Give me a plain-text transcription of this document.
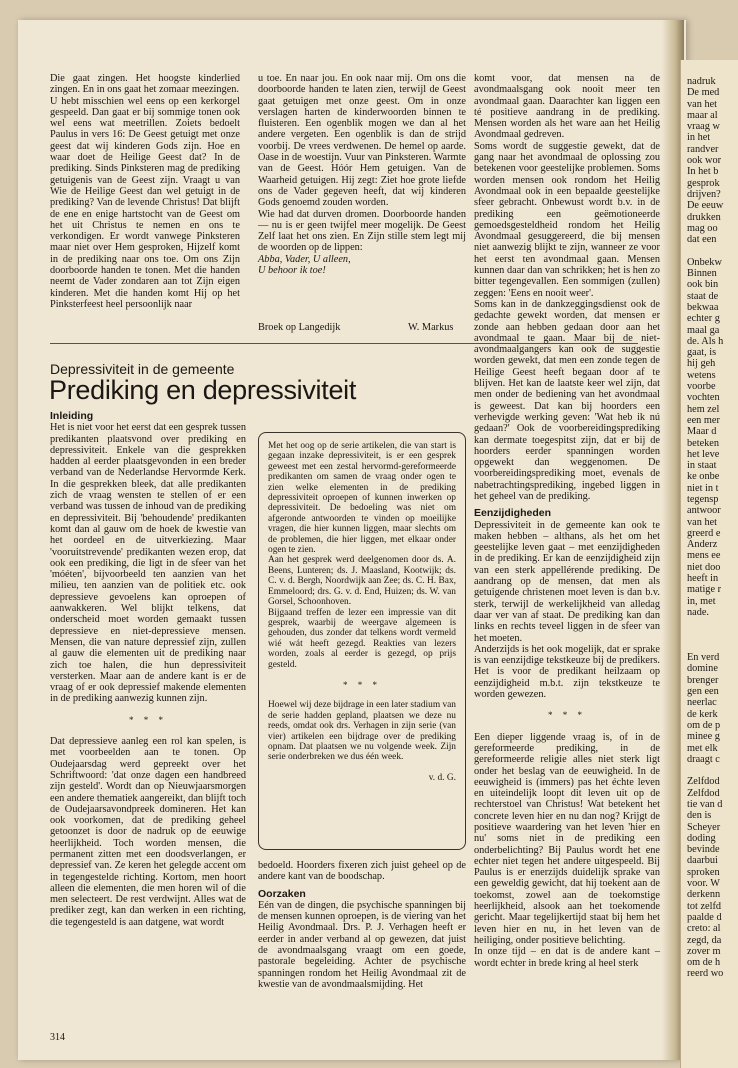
nadruk

De med

van het

maar al

vraag w

in het

randver

ook wor

In het b

gesprok

drijven?

De eeuw

drukken

mag oo

dat een

Onbekw

Binnen

ook bin

staat de

bekwaa

echter g

maal ga

de. Als h

gaat, is

hij geh

wetens

voorbe

vochten

hem zel

een mer

Maar d

beteken

het leve

in staat

ke onbe

niet in t

tegensp

antwoor

van het

greerd e

Anderz

mens ee

niet doo

heeft in

matige r

in, met

nade.

En verd

domine

brenger

gen een

neerlac

de kerk

om de p

minee g

met elk

draagt c

Zelfdod

Zelfdod

tie van d

den is

Scheyer

doding

bevinde

daarbui

sproken

voor. W

derkenn

tot zelfd

paalde d

creto: al

zegd, da

zover m

om de h

reerd wo

Die gaat zingen. Het hoogste kinderlied zingen. En in ons gaat het zomaar meezingen.

U hebt misschien wel eens op een kerkorgel gespeeld. Dan gaat er bij sommige tonen ook wel eens wat meetrillen. Zoiets bedoelt Paulus in vers 16: De Geest getuigt met onze geest dat wij kinderen Gods zijn. Hoe en waar doet de Heilige Geest dat? In de prediking. Sinds Pinksteren mag de prediking getuigenis van de Geest zijn. Vraagt u van Wie de Heilige Geest dan wel getuigt in de prediking? Van de levende Christus! Dat blijft de ene en enige hartstocht van de Geest om het uit Christus te nemen en ons te verkondigen. Er wordt vanwege Pinksteren maar niet over Hem gesproken, Hijzelf komt in de prediking naar ons toe. Om ons Zijn doorboorde handen te tonen. Met die handen neemt de Vader zondaren aan tot Zijn eigen kinderen. Met die handen komt Hij op het Pinksterfeest heel persoonlijk naar

u toe. En naar jou. En ook naar mij. Om ons die doorboorde handen te laten zien, terwijl de Geest gaat getuigen met onze geest. Om in onze verslagen harten de kinderwoorden binnen te fluisteren. Een ogenblik mogen we dan al het andere vergeten. Een ogenblik is dan de strijd voorbij. De vrees verdwenen. De hemel op aarde. Oase in de woestijn. Vuur van Pinksteren. Warmte van de Geest. Hóór Hem getuigen. Van de Waarheid getuigen. Hij zegt: Ziet hoe grote liefde ons de Vader gegeven heeft, dat wij kinderen Gods genoemd zouden worden.

Wie had dat durven dromen. Doorboorde handen — nu is er geen twijfel meer mogelijk. De Geest Zelf laat het ons zien. En Zijn stille stem legt mij de woorden op de lippen:

Abba, Vader, U alleen,

U behoor ik toe!

Broek op Langedijk	W. Markus
Depressiviteit in de gemeente
Prediking en depressiviteit
Inleiding

Het is niet voor het eerst dat een gesprek tussen predikanten plaatsvond over prediking en depressiviteit. Enkele van die gesprekken hadden al eerder plaatsgevonden in een breder verband van de Nederlandse Hervormde Kerk. In die gesprekken bleek, dat alle predikanten zich de vraag wensten te stellen of er een verband was tussen de inhoud van de prediking en depressiviteit. Bij 'behoudende' predikanten komt dan al gauw om de hoek de kwestie van het oordeel en de uitverkiezing. Maar 'vooruitstrevende' predikanten wezen erop, dat ook een prediking, die ligt in de sfeer van het 'móéten', bijvoorbeeld ten aanzien van het milieu, ten aanzien van de politiek etc. ook depressieve gevoelens kan oproepen of aanwakkeren. Wel blijkt telkens, dat onderscheid moet worden gemaakt tussen depressieve en niet-depressieve mensen. Mensen, die van nature depressief zijn, zullen al gauw die elementen uit de prediking naar zich toe halen, die hun depressiviteit versterken. Maar aan de andere kant is er de vraag of er ook depressief makende elementen in de prediking aanwezig kunnen zijn.

* * *

Dat depressieve aanleg een rol kan spelen, is met voorbeelden aan te tonen. Op Oudejaarsdag werd gepreekt over het Schriftwoord: 'dat onze dagen een handbreed zijn gesteld'. Wordt dan op Nieuwjaarsmorgen een andere thematiek aangereikt, dan blijft toch de Oudejaarsavondpreek domineren. Het kan ook voorkomen, dat de prediking geheel getoonzet is door de nadruk op de eeuwige heerlijkheid. Toch worden mensen, die permanent zitten met een doodsverlangen, er depressief van. Ze keren het gelegde accent om in tegengestelde richting. Kortom, men hoort alleen die elementen, die men horen wil of die men selecteert. De rest verdwijnt. Alles wat de prediker zegt, kan dan werken in een richting, die tegengesteld is aan datgene, wat wordt

Met het oog op de serie artikelen, die van start is gegaan inzake depressiviteit, is er een gesprek geweest met een zestal hervormd-gereformeerde predikanten om samen de vraag onder ogen te zien welke elementen in de prediking depressiviteit oproepen of kunnen inwerken op depressiviteit. De bedoeling was niet om afgeronde antwoorden te vinden op moeilijke vragen, die hier kunnen liggen, maar slechts om de problemen, die hier liggen, met elkaar onder ogen te zien.

Aan het gesprek werd deelgenomen door ds. A. Beens, Lunteren; ds. J. Maasland, Kootwijk; ds. C. v. d. Bergh, Noordwijk aan Zee; ds. C. H. Bax, Emmeloord; drs. G. v. d. End, Huizen; ds. W. van Gorsel, Schoonhoven.

Bijgaand treffen de lezer een impressie van dit gesprek, waarbij de weergave algemeen is gehouden, dus zonder dat telkens wordt vermeld wié wát heeft gezegd. Reakties van lezers worden, zoals al eerder is gezegd, op prijs gesteld.

* * *

Hoewel wij deze bijdrage in een later stadium van de serie hadden gepland, plaatsen we deze nu reeds, omdat ook drs. Verhagen in zijn serie (van vier) artikelen een bijdrage over de prediking opnam. Dat plaatsen we nu volgende week. Zijn serie onderbreken we dus één week.

v. d. G.

bedoeld. Hoorders fixeren zich juist geheel op de andere kant van de boodschap.

Oorzaken

Eén van de dingen, die psychische spanningen bij de mensen kunnen oproepen, is de viering van het Heilig Avondmaal. Drs. P. J. Verhagen heeft er eerder in ander verband al op gewezen, dat juist de avondmaalsgang vraagt om een goede, pastorale begeleiding. Achter de psychische spanningen rondom het Heilig Avondmaal zit de kwestie van de avondmaalsmijding. Het

komt voor, dat mensen na de avondmaalsgang ook nooit meer ten avondmaal gaan. Daarachter kan liggen een té positieve aandrang in de prediking. Mensen worden als het ware aan het Heilig Avondmaal gedreven.

Soms wordt de suggestie gewekt, dat de gang naar het avondmaal de oplossing zou betekenen voor geestelijke problemen. Soms worden mensen ook rondom het Heilig Avondmaal ook in een bepaalde geestelijke sfeer gebracht. Onbewust wordt b.v. in de prediking een geëmotioneerde gemoedsgesteldheid rondom het Heilig Avondmaal gesuggereerd, die bij mensen niet aanwezig blijkt te zijn, wanneer ze voor het eerst ten avondmaal gaan. Mensen kunnen daar dan van schrikken; het is hen zo bitter tegengevallen. Een sommigen (zullen) zeggen: 'Eens en nooit weer'.

Soms kan in de dankzeggingsdienst ook de gedachte gewekt worden, dat mensen er zonde aan hebben gedaan door aan het avondmaal te gaan. Maar bij de niet-avondmaalgangers kan ook de suggestie worden gewekt, dat men een zonde tegen de Heilige Geest heeft begaan door af te blijven. Het kan de laatste keer wel zijn, dat men onder de bediening van het avondmaal is geweest. Dat kan bij hoorders een verhevigde werking geven: 'Wat heb ik nú gedaan?' Ook de voorbereidingsprediking kan dermate toegespitst zijn, dat er bij de hoorders eerder spanningen worden opgewekt dan weggenomen. De voorbereidingsprediking moet, evenals de nabetrachtingsprediking, ingebed liggen in het geheel van de prediking.

Eenzijdigheden

Depressiviteit in de gemeente kan ook te maken hebben – althans, als het om het geestelijke leven gaat – met eenzijdigheden in de prediking. Er kan de eenzijdigheid zijn van een sterk appellérende prediking. De aandrang op de mensen, dat men als getuigende christenen moet leven is dan b.v. sterk, terwijl de werkelijkheid van alledag daar ver van af staat. De prediking kan dan links en rechts teveel liggen in de sfeer van het moeten.

Anderzijds is het ook mogelijk, dat er sprake is van eenzijdige tekstkeuze bij de predikers. Het is voor de predikant heilzaam op eenzijdigheid m.b.t. zijn tekstkeuze te worden gewezen.

* * *

Een dieper liggende vraag is, of in de gereformeerde prediking, in de gereformeerde religie alles niet sterk ligt onder het beslag van de eeuwigheid. In de eeuwigheid is (immers) pas het échte leven en uiteindelijk loopt dit leven uit op de rechterstoel van Christus! Wat betekent het concrete leven hier en nu dan nog? Krijgt de positieve waardering van het leven 'hier en nu' soms niet in de prediking een onderbelichting? Bij Paulus wordt het ene echter niet tegen het andere uitgespeeld. Bij Paulus is er enerzijds duidelijk sprake van een geweldig gewicht, dat hij toekent aan de toekomst, zowel aan de toekomstige heerlijkheid, alsook aan het toekomende gericht. Maar tegelijkertijd staat bij hem het leven hier en nu, in het leven van de heiliging, onder positieve belichting.

In onze tijd – en dat is de andere kant – wordt echter in brede kring al heel sterk

314
